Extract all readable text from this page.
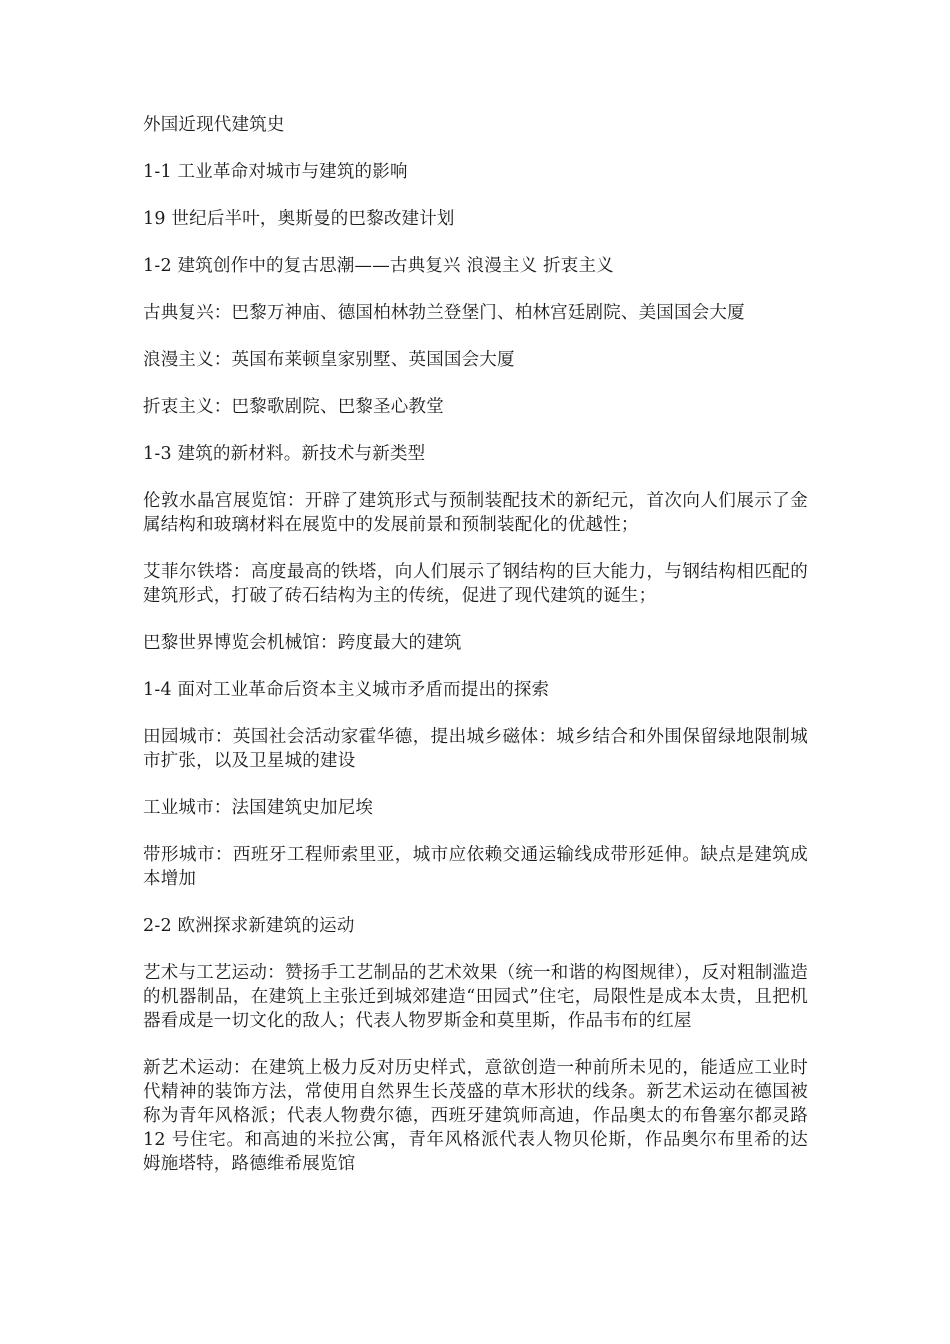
外国近现代建筑史

1-1 工业革命对城市与建筑的影响

19 世纪后半叶，奥斯曼的巴黎改建计划

1-2 建筑创作中的复古思潮——古典复兴 浪漫主义 折衷主义

古典复兴：巴黎万神庙、德国柏林勃兰登堡门、柏林宫廷剧院、美国国会大厦

浪漫主义：英国布莱顿皇家别墅、英国国会大厦

折衷主义：巴黎歌剧院、巴黎圣心教堂

1-3 建筑的新材料。新技术与新类型

伦敦水晶宫展览馆：开辟了建筑形式与预制装配技术的新纪元，首次向人们展示了金属结构和玻璃材料在展览中的发展前景和预制装配化的优越性；

艾菲尔铁塔：高度最高的铁塔，向人们展示了钢结构的巨大能力，与钢结构相匹配的建筑形式，打破了砖石结构为主的传统，促进了现代建筑的诞生；

巴黎世界博览会机械馆：跨度最大的建筑

1-4 面对工业革命后资本主义城市矛盾而提出的探索

田园城市：英国社会活动家霍华德，提出城乡磁体：城乡结合和外围保留绿地限制城市扩张，以及卫星城的建设

工业城市：法国建筑史加尼埃

带形城市：西班牙工程师索里亚，城市应依赖交通运输线成带形延伸。缺点是建筑成本增加

2-2 欧洲探求新建筑的运动

艺术与工艺运动：赞扬手工艺制品的艺术效果（统一和谐的构图规律），反对粗制滥造的机器制品，在建筑上主张迁到城郊建造“田园式”住宅，局限性是成本太贵，且把机器看成是一切文化的敌人；代表人物罗斯金和莫里斯，作品韦布的红屋

新艺术运动：在建筑上极力反对历史样式，意欲创造一种前所未见的，能适应工业时代精神的装饰方法，常使用自然界生长茂盛的草木形状的线条。新艺术运动在德国被称为青年风格派；代表人物费尔德，西班牙建筑师高迪，作品奥太的布鲁塞尔都灵路 12 号住宅。和高迪的米拉公寓，青年风格派代表人物贝伦斯，作品奥尔布里希的达姆施塔特，路德维希展览馆
